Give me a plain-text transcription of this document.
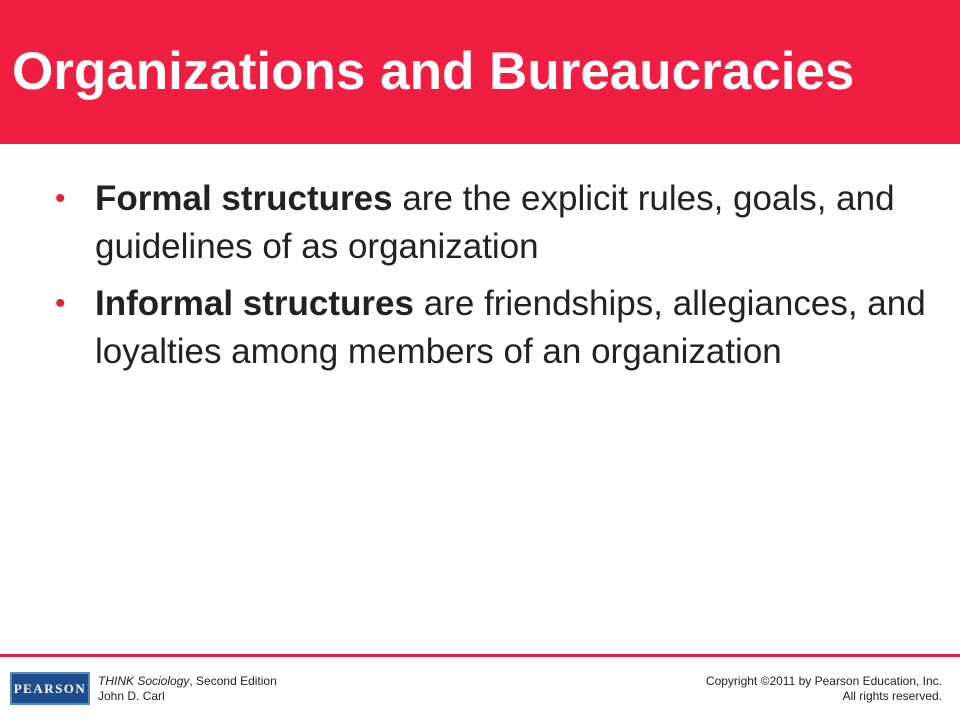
Organizations and Bureaucracies
• Formal structures are the explicit rules, goals, and guidelines of as organization
• Informal structures are friendships, allegiances, and loyalties among members of an organization
PEARSON THINK Sociology, Second Edition
John D. Carl
Copyright ©2011 by Pearson Education, Inc.
All rights reserved.
